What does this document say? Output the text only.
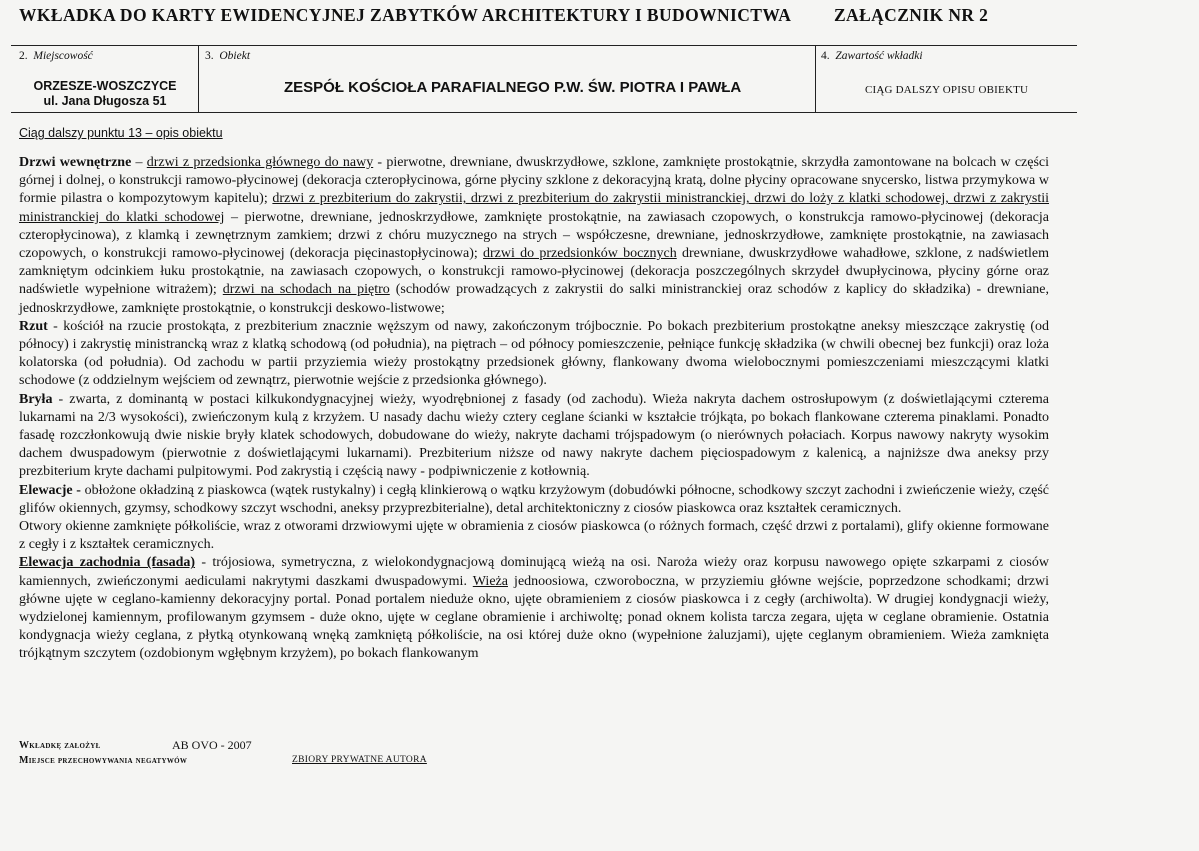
WKŁADKA DO KARTY EWIDENCYJNEJ ZABYTKÓW ARCHITEKTURY I BUDOWNICTWA ZAŁĄCZNIK NR 2
2. Miejscowość
ORZESZE-WOSZCZYCE
ul. Jana Długosza 51
3. Obiekt
ZESPÓŁ KOŚCIOŁA PARAFIALNEGO P.W. ŚW. PIOTRA I PAWŁA
4. Zawartość wkładki
CIĄG DALSZY OPISU OBIEKTU
Ciąg dalszy punktu 13 – opis obiektu

Drzwi wewnętrzne – drzwi z przedsionka głównego do nawy - pierwotne, drewniane, dwuskrzydłowe, szklone, zamknięte prostokątnie, skrzydła zamontowane na bolcach w części górnej i dolnej, o konstrukcji ramowo-płycinowej (dekoracja czteropłycinowa, górne płyciny szklone z dekoracyjną kratą, dolne płyciny opracowane snycersko, listwa przymykowa w formie pilastra o kompozytowym kapitelu); drzwi z prezbiterium do zakrystii, drzwi z prezbiterium do zakrystii ministranckiej, drzwi do loży z klatki schodowej, drzwi z zakrystii ministranckiej do klatki schodowej – pierwotne, drewniane, jednoskrzydłowe, zamknięte prostokątnie, na zawiasach czopowych, o konstrukcja ramowo-płycinowej (dekoracja czteropłycinowa), z klamką i zewnętrznym zamkiem; drzwi z chóru muzycznego na strych – współczesne, drewniane, jednoskrzydłowe, zamknięte prostokątnie, na zawiasach czopowych, o konstrukcji ramowo-płycinowej (dekoracja pięcinastopłycinowa); drzwi do przedsionków bocznych drewniane, dwuskrzydłowe wahadłowe, szklone, z nadświetlem zamkniętym odcinkiem łuku prostokątnie, na zawiasach czopowych, o konstrukcji ramowo-płycinowej (dekoracja poszczególnych skrzydeł dwupłycinowa, płyciny górne oraz nadświetle wypełnione witrażem); drzwi na schodach na piętro (schodów prowadzących z zakrystii do salki ministranckiej oraz schodów z kaplicy do składzika) - drewniane, jednoskrzydłowe, zamknięte prostokątnie, o konstrukcji deskowo-listwowe;

Rzut - kościół na rzucie prostokąta, z prezbiterium znacznie węższym od nawy, zakończonym trójbocznie. Po bokach prezbiterium prostokątne aneksy mieszczące zakrystię (od północy) i zakrystię ministrancką wraz z klatką schodową (od południa), na piętrach – od północy pomieszczenie, pełniące funkcję składzika (w chwili obecnej bez funkcji) oraz loża kolatorska (od południa). Od zachodu w partii przyziemia wieży prostokątny przedsionek główny, flankowany dwoma wielobocznymi pomieszczeniami mieszczącymi klatki schodowe (z oddzielnym wejściem od zewnątrz, pierwotnie wejście z przedsionka głównego).

Bryła - zwarta, z dominantą w postaci kilkukondygnacyjnej wieży, wyodrębnionej z fasady (od zachodu). Wieża nakryta dachem ostrosłupowym (z doświetlającymi czterema lukarnami na 2/3 wysokości), zwieńczonym kulą z krzyżem. U nasady dachu wieży cztery ceglane ścianki w kształcie trójkąta, po bokach flankowane czterema pinaklami. Ponadto fasadę rozczłonkowują dwie niskie bryły klatek schodowych, dobudowane do wieży, nakryte dachami trójspadowym (o nierównych połaciach. Korpus nawowy nakryty wysokim dachem dwuspadowym (pierwotnie z doświetlającymi lukarnami). Prezbiterium niższe od nawy nakryte dachem pięciospadowym z kalenicą, a najniższe dwa aneksy przy prezbiterium kryte dachami pulpitowymi. Pod zakrystią i częścią nawy - podpiwniczenie z kotłownią.

Elewacje - obłożone okładziną z piaskowca (wątek rustykalny) i cegłą klinkierową o wątku krzyżowym (dobudówki północne, schodkowy szczyt zachodni i zwieńczenie wieży, część glifów okiennych, gzymsy, schodkowy szczyt wschodni, aneksy przyprezbiterialne), detal architektoniczny z ciosów piaskowca oraz kształtek ceramicznych.

Otwory okienne zamknięte półkoliście, wraz z otworami drzwiowymi ujęte w obramienia z ciosów piaskowca (o różnych formach, część drzwi z portalami), glify okienne formowane z cegły i z kształtek ceramicznych.

Elewacja zachodnia (fasada) - trójosiowa, symetryczna, z wielokondygnacjową dominującą wieżą na osi. Naroża wieży oraz korpusu nawowego opięte szkarpami z ciosów kamiennych, zwieńczonymi aediculami nakrytymi daszkami dwuspadowymi. Wieża jednoosiowa, czworoboczna, w przyziemiu główne wejście, poprzedzone schodkami; drzwi główne ujęte w ceglano-kamienny dekoracyjny portal. Ponad portalem nieduże okno, ujęte obramieniem z ciosów piaskowca i z cegły (archiwolta). W drugiej kondygnacji wieży, wydzielonej kamiennym, profilowanym gzymsem - duże okno, ujęte w ceglane obramienie i archiwoltę; ponad oknem kolista tarcza zegara, ujęta w ceglane obramienie. Ostatnia kondygnacja wieży ceglana, z płytką otynkowaną wnęką zamkniętą półkoliście, na osi której duże okno (wypełnione żaluzjami), ujęte ceglanym obramieniem. Wieża zamknięta trójkątnym szczytem (ozdobionym wgłębnym krzyżem), po bokach flankowanym

Wkładkę założył	AB OVO - 2007
Miejsce przechowywania negatywów	ZBIORY PRYWATNE AUTORA
